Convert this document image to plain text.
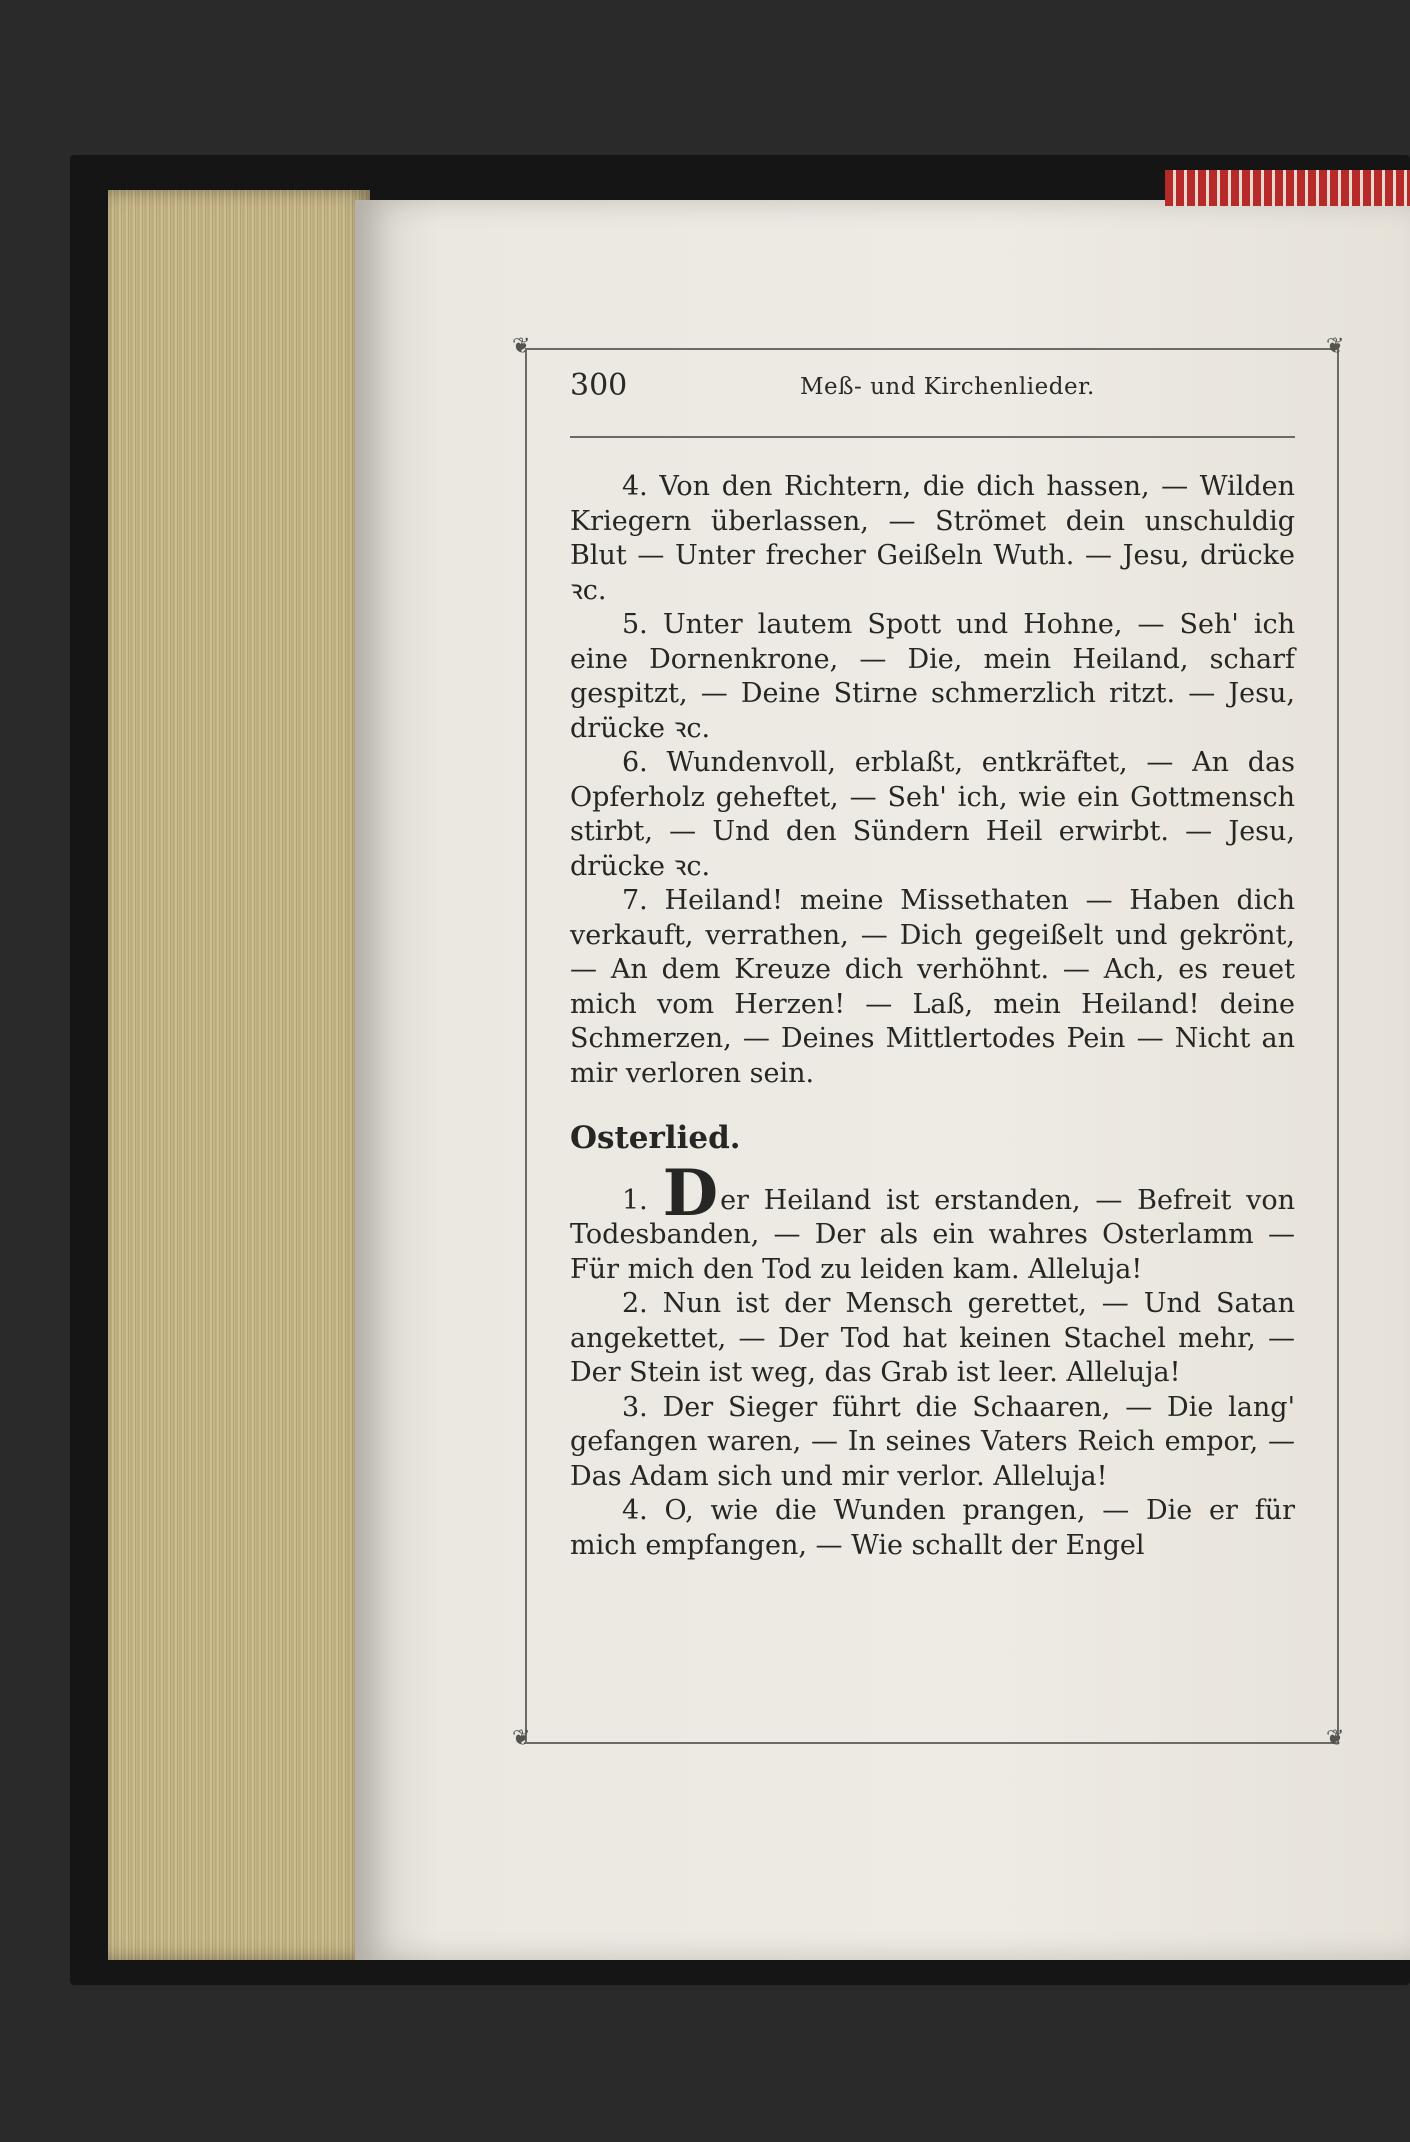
❦	❦
❦	❦
300	Meß- und Kirchenlieder.

4. Von den Richtern, die dich hassen, — Wilden Kriegern überlassen, — Strömet dein unschuldig Blut — Unter frecher Geißeln Wuth. — Jesu, drücke ꝛc.

5. Unter lautem Spott und Hohne, — Seh' ich eine Dornenkrone, — Die, mein Heiland, scharf gespitzt, — Deine Stirne schmerzlich ritzt. — Jesu, drücke ꝛc.

6. Wundenvoll, erblaßt, entkräftet, — An das Opferholz geheftet, — Seh' ich, wie ein Gottmensch stirbt, — Und den Sündern Heil erwirbt. — Jesu, drücke ꝛc.

7. Heiland! meine Missethaten — Haben dich verkauft, verrathen, — Dich gegeißelt und gekrönt, — An dem Kreuze dich verhöhnt. — Ach, es reuet mich vom Herzen! — Laß, mein Heiland! deine Schmerzen, — Deines Mittlertodes Pein — Nicht an mir verloren sein.

Osterlied.

1. Der Heiland ist erstanden, — Befreit von Todesbanden, — Der als ein wahres Osterlamm — Für mich den Tod zu leiden kam. Alleluja!

2. Nun ist der Mensch gerettet, — Und Satan angekettet, — Der Tod hat keinen Stachel mehr, — Der Stein ist weg, das Grab ist leer. Alleluja!

3. Der Sieger führt die Schaaren, — Die lang' gefangen waren, — In seines Vaters Reich empor, — Das Adam sich und mir verlor. Alleluja!

4. O, wie die Wunden prangen, — Die er für mich empfangen, — Wie schallt der Engel
